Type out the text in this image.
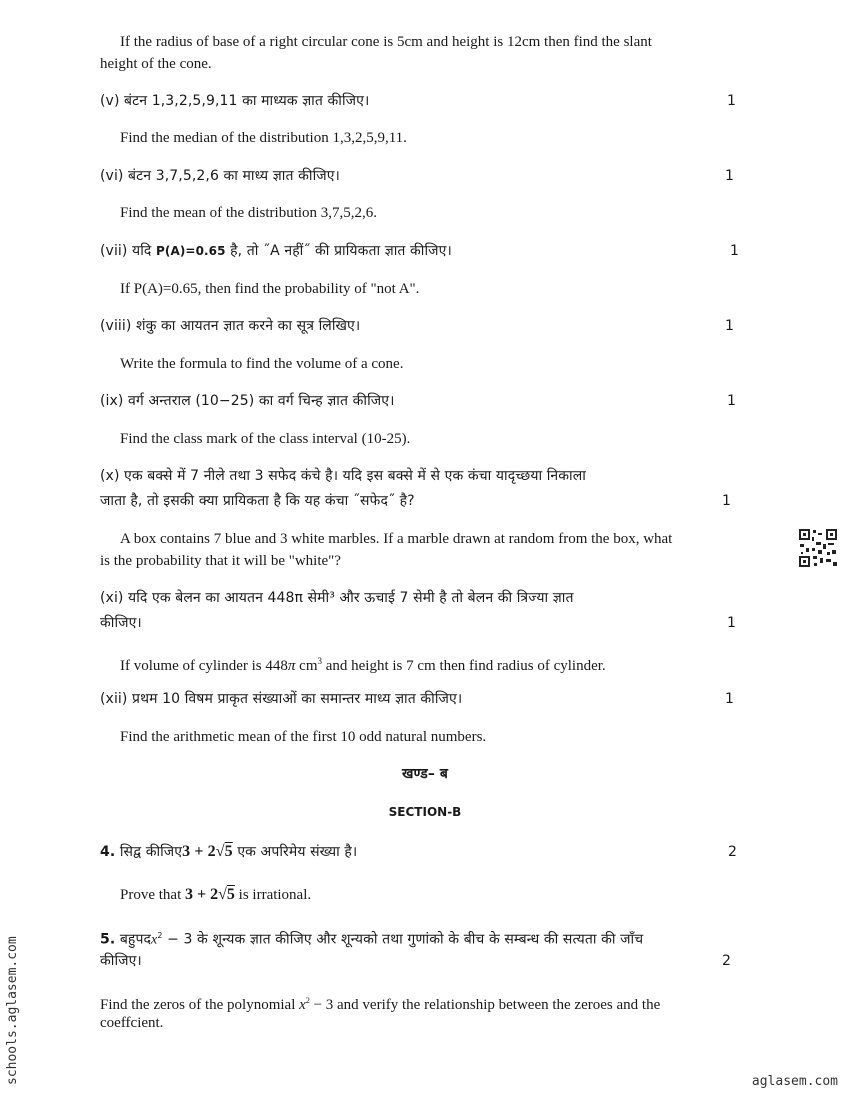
If the radius of base of a right circular cone is 5cm and height is 12cm then find the slant
height of the cone.
(v) बंटन 1,3,2,5,9,11 का माध्यक ज्ञात कीजिए।	1
Find the median of the distribution 1,3,2,5,9,11.
(vi) बंटन 3,7,5,2,6 का माध्य ज्ञात कीजिए।	1
Find the mean of the distribution 3,7,5,2,6.
(vii) यदि P(A)=0.65 है, तो ˝A नहीं˝ की प्रायिकता ज्ञात कीजिए।	1
If P(A)=0.65, then find the probability of "not A".
(viii) शंकु का आयतन ज्ञात करने का सूत्र लिखिए।	1
Write the formula to find the volume of a cone.
(ix) वर्ग अन्तराल (10−25) का वर्ग चिन्ह ज्ञात कीजिए।	1
Find the class mark of the class interval (10-25).
(x) एक बक्से में 7 नीले तथा 3 सफेद कंचे है। यदि इस बक्से में से एक कंचा यादृच्छया निकाला
जाता है, तो इसकी क्या प्रायिकता है कि यह कंचा ˝सफेद˝ है?	1
A box contains 7 blue and 3 white marbles. If a marble drawn at random from the box, what
is the probability that it will be "white"?
(xi) यदि एक बेलन का आयतन 448π सेमी³ और ऊचाई 7 सेमी है तो बेलन की त्रिज्या ज्ञात
कीजिए।	1
If volume of cylinder is 448π $cm^3$ and height is 7 cm then find radius of cylinder.
(xii) प्रथम 10 विषम प्राकृत संख्याओं का समान्तर माध्य ज्ञात कीजिए।	1
Find the arithmetic mean of the first 10 odd natural numbers.
खण्ड– ब
SECTION-B
4. सिद्व कीजिए3 + 2√5 एक अपरिमेय संख्या है।	2
Prove that 3 + 2√5 is irrational.
5. बहुपदx$^2$ − 3 के शून्यक ज्ञात कीजिए और शून्यको तथा गुणांको के बीच के सम्बन्ध की सत्यता की जाँच
कीजिए।	2
Find the zeros of the polynomial $x^2 - 3$ and verify the relationship between the zeroes and the
coeffcient.
schools.aglasem.com	aglasem.com
